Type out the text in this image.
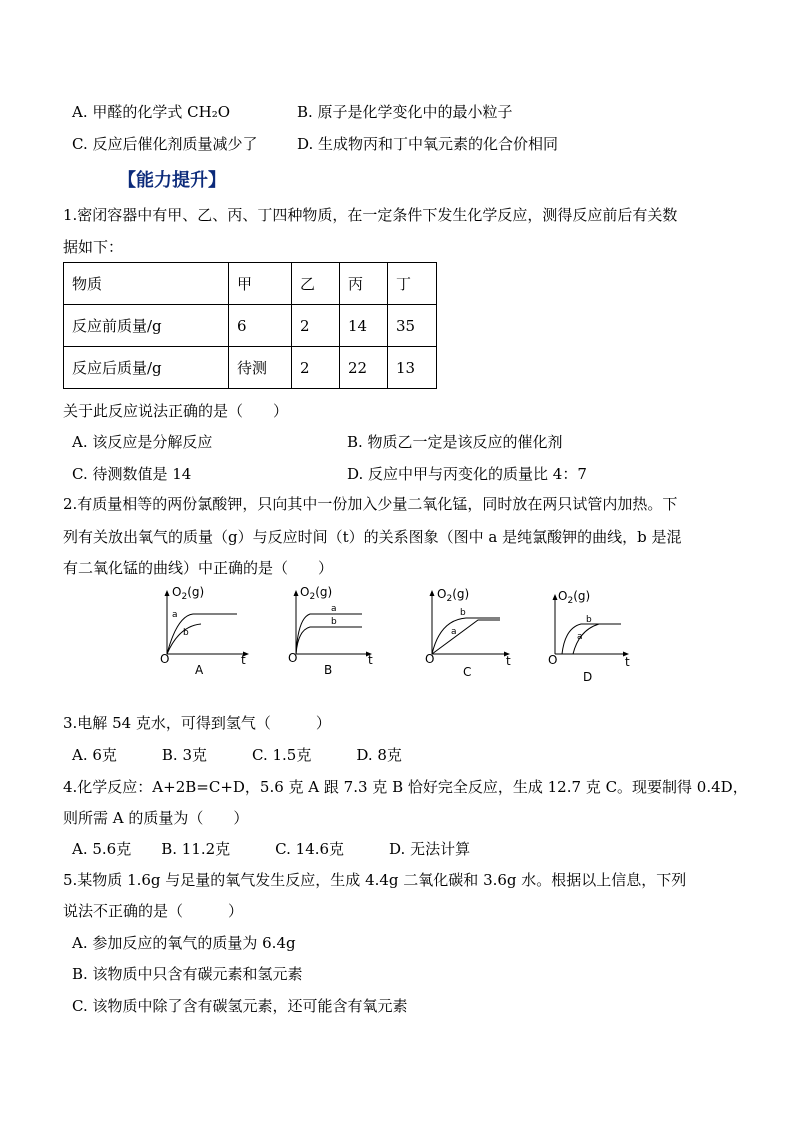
A. 甲醛的化学式 CH₂O	B. 原子是化学变化中的最小粒子
C. 反应后催化剂质量减少了	D. 生成物丙和丁中氧元素的化合价相同
【能力提升】
1.密闭容器中有甲、乙、丙、丁四种物质，在一定条件下发生化学反应，测得反应前后有关数
据如下：
物质	甲	乙	丙	丁
反应前质量/g	6	2	14	35
反应后质量/g	待测	2	22	13
关于此反应说法正确的是（　　）
A. 该反应是分解反应	B. 物质乙一定是该反应的催化剂
C. 待测数值是 14	D. 反应中甲与丙变化的质量比 4：7
2.有质量相等的两份氯酸钾，只向其中一份加入少量二氧化锰，同时放在两只试管内加热。下
列有关放出氧气的质量（g）与反应时间（t）的关系图象（图中 a 是纯氯酸钾的曲线，b 是混
有二氧化锰的曲线）中正确的是（　　）
$O_2(g)$
a
b
O	t
A
$O_2(g)$
a
b
O	t
B
$O_2(g)$
a
b
O	t
C
$O_2(g)$
a
b
O	t
D
3.电解 54 克水，可得到氢气（　　　）
A. 6克　　　B. 3克　　　C. 1.5克　　　D. 8克
4.化学反应：A+2B=C+D，5.6 克 A 跟 7.3 克 B 恰好完全反应，生成 12.7 克 C。现要制得 0.4D，
则所需 A 的质量为（　　）
A. 5.6克　　B. 11.2克　　　C. 14.6克　　　D. 无法计算
5.某物质 1.6g 与足量的氧气发生反应，生成 4.4g 二氧化碳和 3.6g 水。根据以上信息，下列
说法不正确的是（　　　）
A. 参加反应的氧气的质量为 6.4g
B. 该物质中只含有碳元素和氢元素
C. 该物质中除了含有碳氢元素，还可能含有氧元素
